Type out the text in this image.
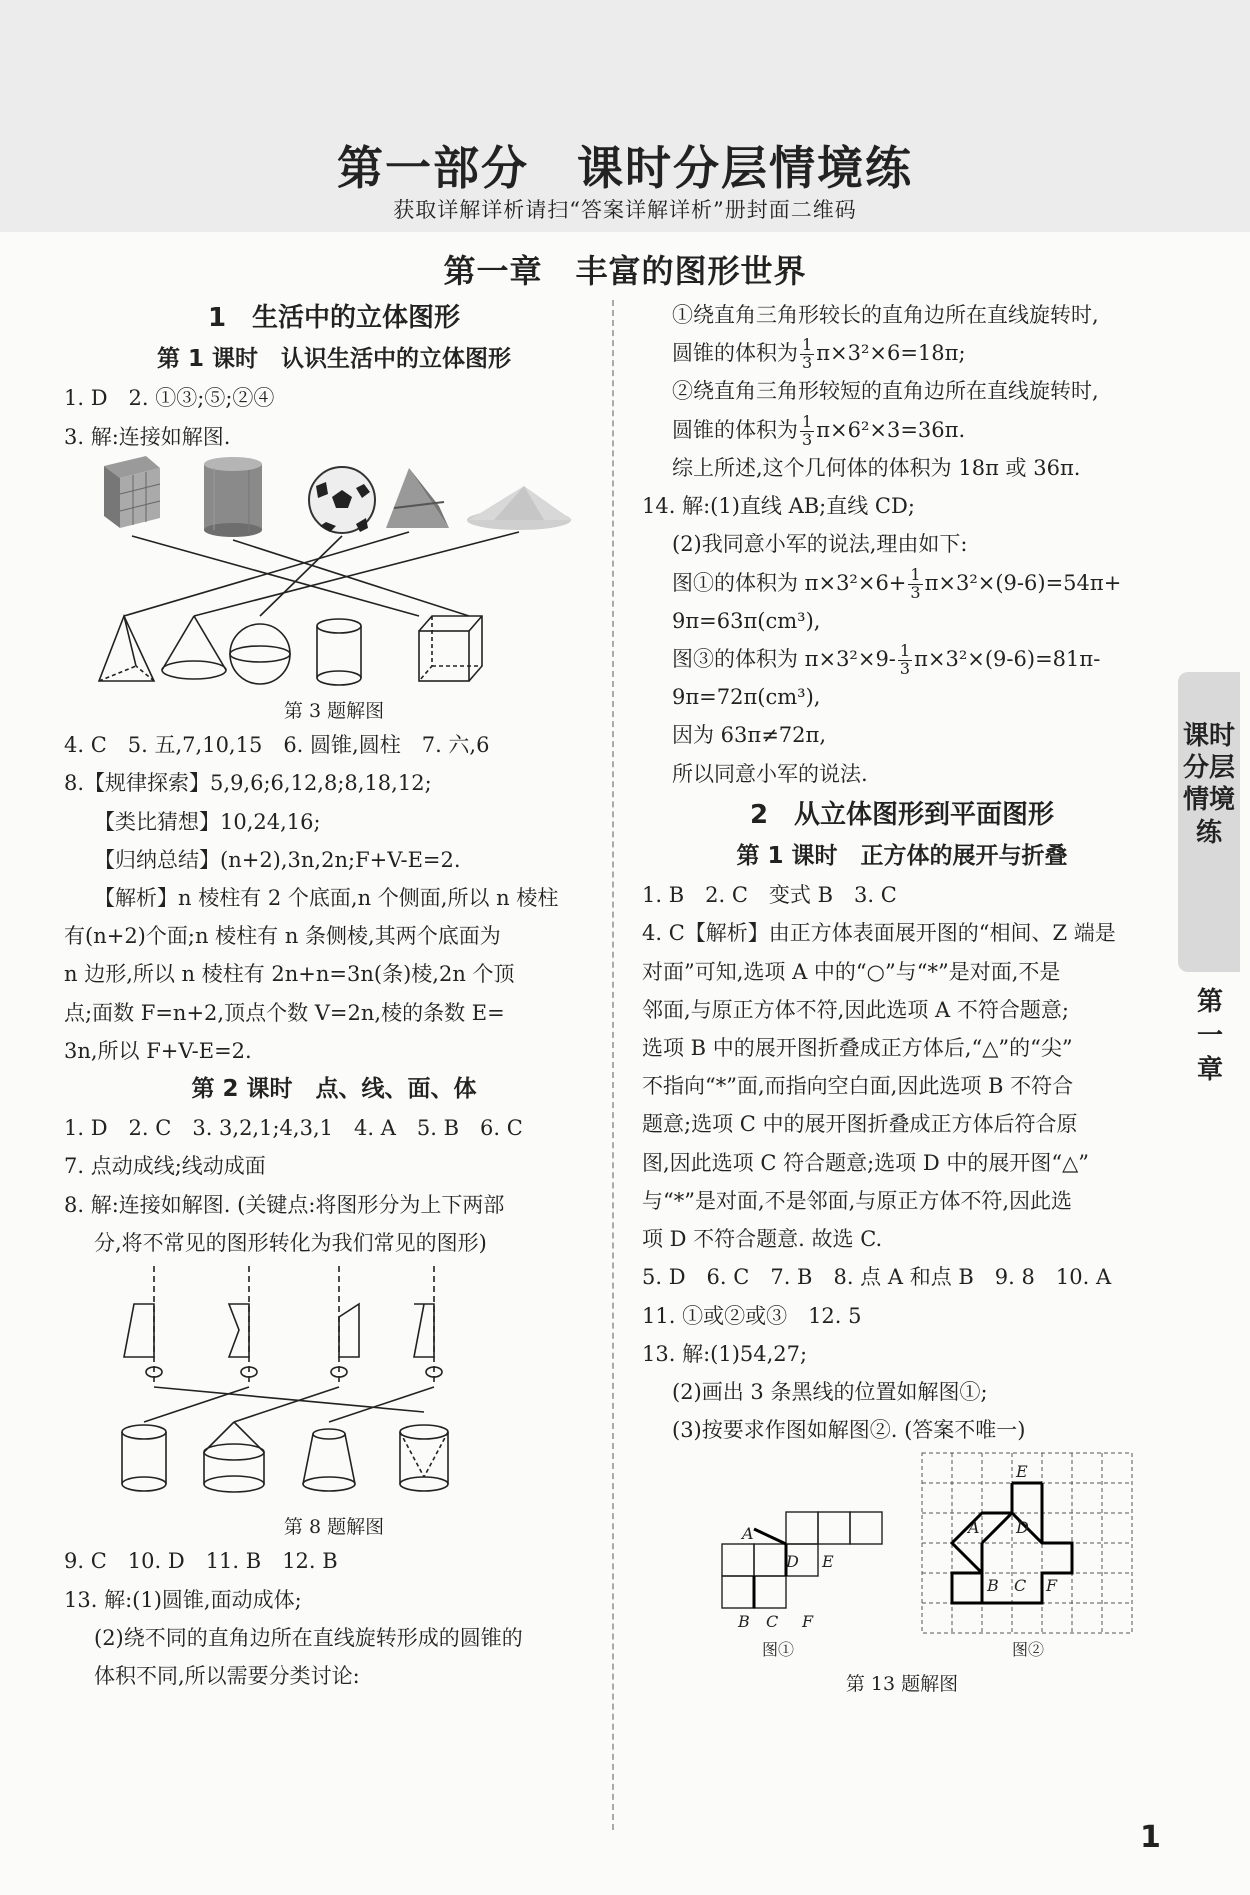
第一部分　课时分层情境练
获取详解详析请扫“答案详解详析”册封面二维码
第一章　丰富的图形世界
1　生活中的立体图形
第 1 课时　认识生活中的立体图形
1. D　2. ①③;⑤;②④
3. 解:连接如解图.
第 3 题解图
4. C　5. 五,7,10,15　6. 圆锥,圆柱　7. 六,6
8.【规律探索】5,9,6;6,12,8;8,18,12;
【类比猜想】10,24,16;
【归纳总结】(n+2),3n,2n;F+V-E=2.
【解析】n 棱柱有 2 个底面,n 个侧面,所以 n 棱柱
有(n+2)个面;n 棱柱有 n 条侧棱,其两个底面为
n 边形,所以 n 棱柱有 2n+n=3n(条)棱,2n 个顶
点;面数 F=n+2,顶点个数 V=2n,棱的条数 E=
3n,所以 F+V-E=2.
第 2 课时　点、线、面、体
1. D　2. C　3. 3,2,1;4,3,1　4. A　5. B　6. C
7. 点动成线;线动成面
8. 解:连接如解图. (关键点:将图形分为上下两部
分,将不常见的图形转化为我们常见的图形)
第 8 题解图
9. C　10. D　11. B　12. B
13. 解:(1)圆锥,面动成体;
(2)绕不同的直角边所在直线旋转形成的圆锥的
体积不同,所以需要分类讨论:
①绕直角三角形较长的直角边所在直线旋转时,
圆锥的体积为 $\frac{1}{3} \pi\times 3^2\times 6=18\pi$;
②绕直角三角形较短的直角边所在直线旋转时,
圆锥的体积为 $\frac{1}{3} \pi\times 6^2\times 3=36\pi$.
综上所述,这个几何体的体积为 18π 或 36π.
14. 解:(1)直线 AB;直线 CD;
(2)我同意小军的说法,理由如下:
图①的体积为 $\pi\times 3^2\times 6+ \frac{1}{3} \pi\times 3^2\times(9-6)=54\pi+$
9π=63π(cm³),
图③的体积为 $\pi\times 3^2\times 9- \frac{1}{3} \pi\times 3^2\times(9-6)=81\pi-$
9π=72π(cm³),
因为 63π≠72π,
所以同意小军的说法.
2　从立体图形到平面图形
第 1 课时　正方体的展开与折叠
1. B　2. C　变式 B　3. C
4. C【解析】由正方体表面展开图的“相间、Z 端是
对面”可知,选项 A 中的“○”与“*”是对面,不是
邻面,与原正方体不符,因此选项 A 不符合题意;
选项 B 中的展开图折叠成正方体后,“△”的“尖”
不指向“*”面,而指向空白面,因此选项 B 不符合
题意;选项 C 中的展开图折叠成正方体后符合原
图,因此选项 C 符合题意;选项 D 中的展开图“△”
与“*”是对面,不是邻面,与原正方体不符,因此选
项 D 不符合题意. 故选 C.
5. D　6. C　7. B　8. 点 A 和点 B　9. 8　10. A
11. ①或②或③　12. 5
13. 解:(1)54,27;
(2)画出 3 条黑线的位置如解图①;
(3)按要求作图如解图②. (答案不唯一)
A
D E
B C F
图①
E
A D
B C F
图②
第 13 题解图
课时分层情境练
第一章
1
